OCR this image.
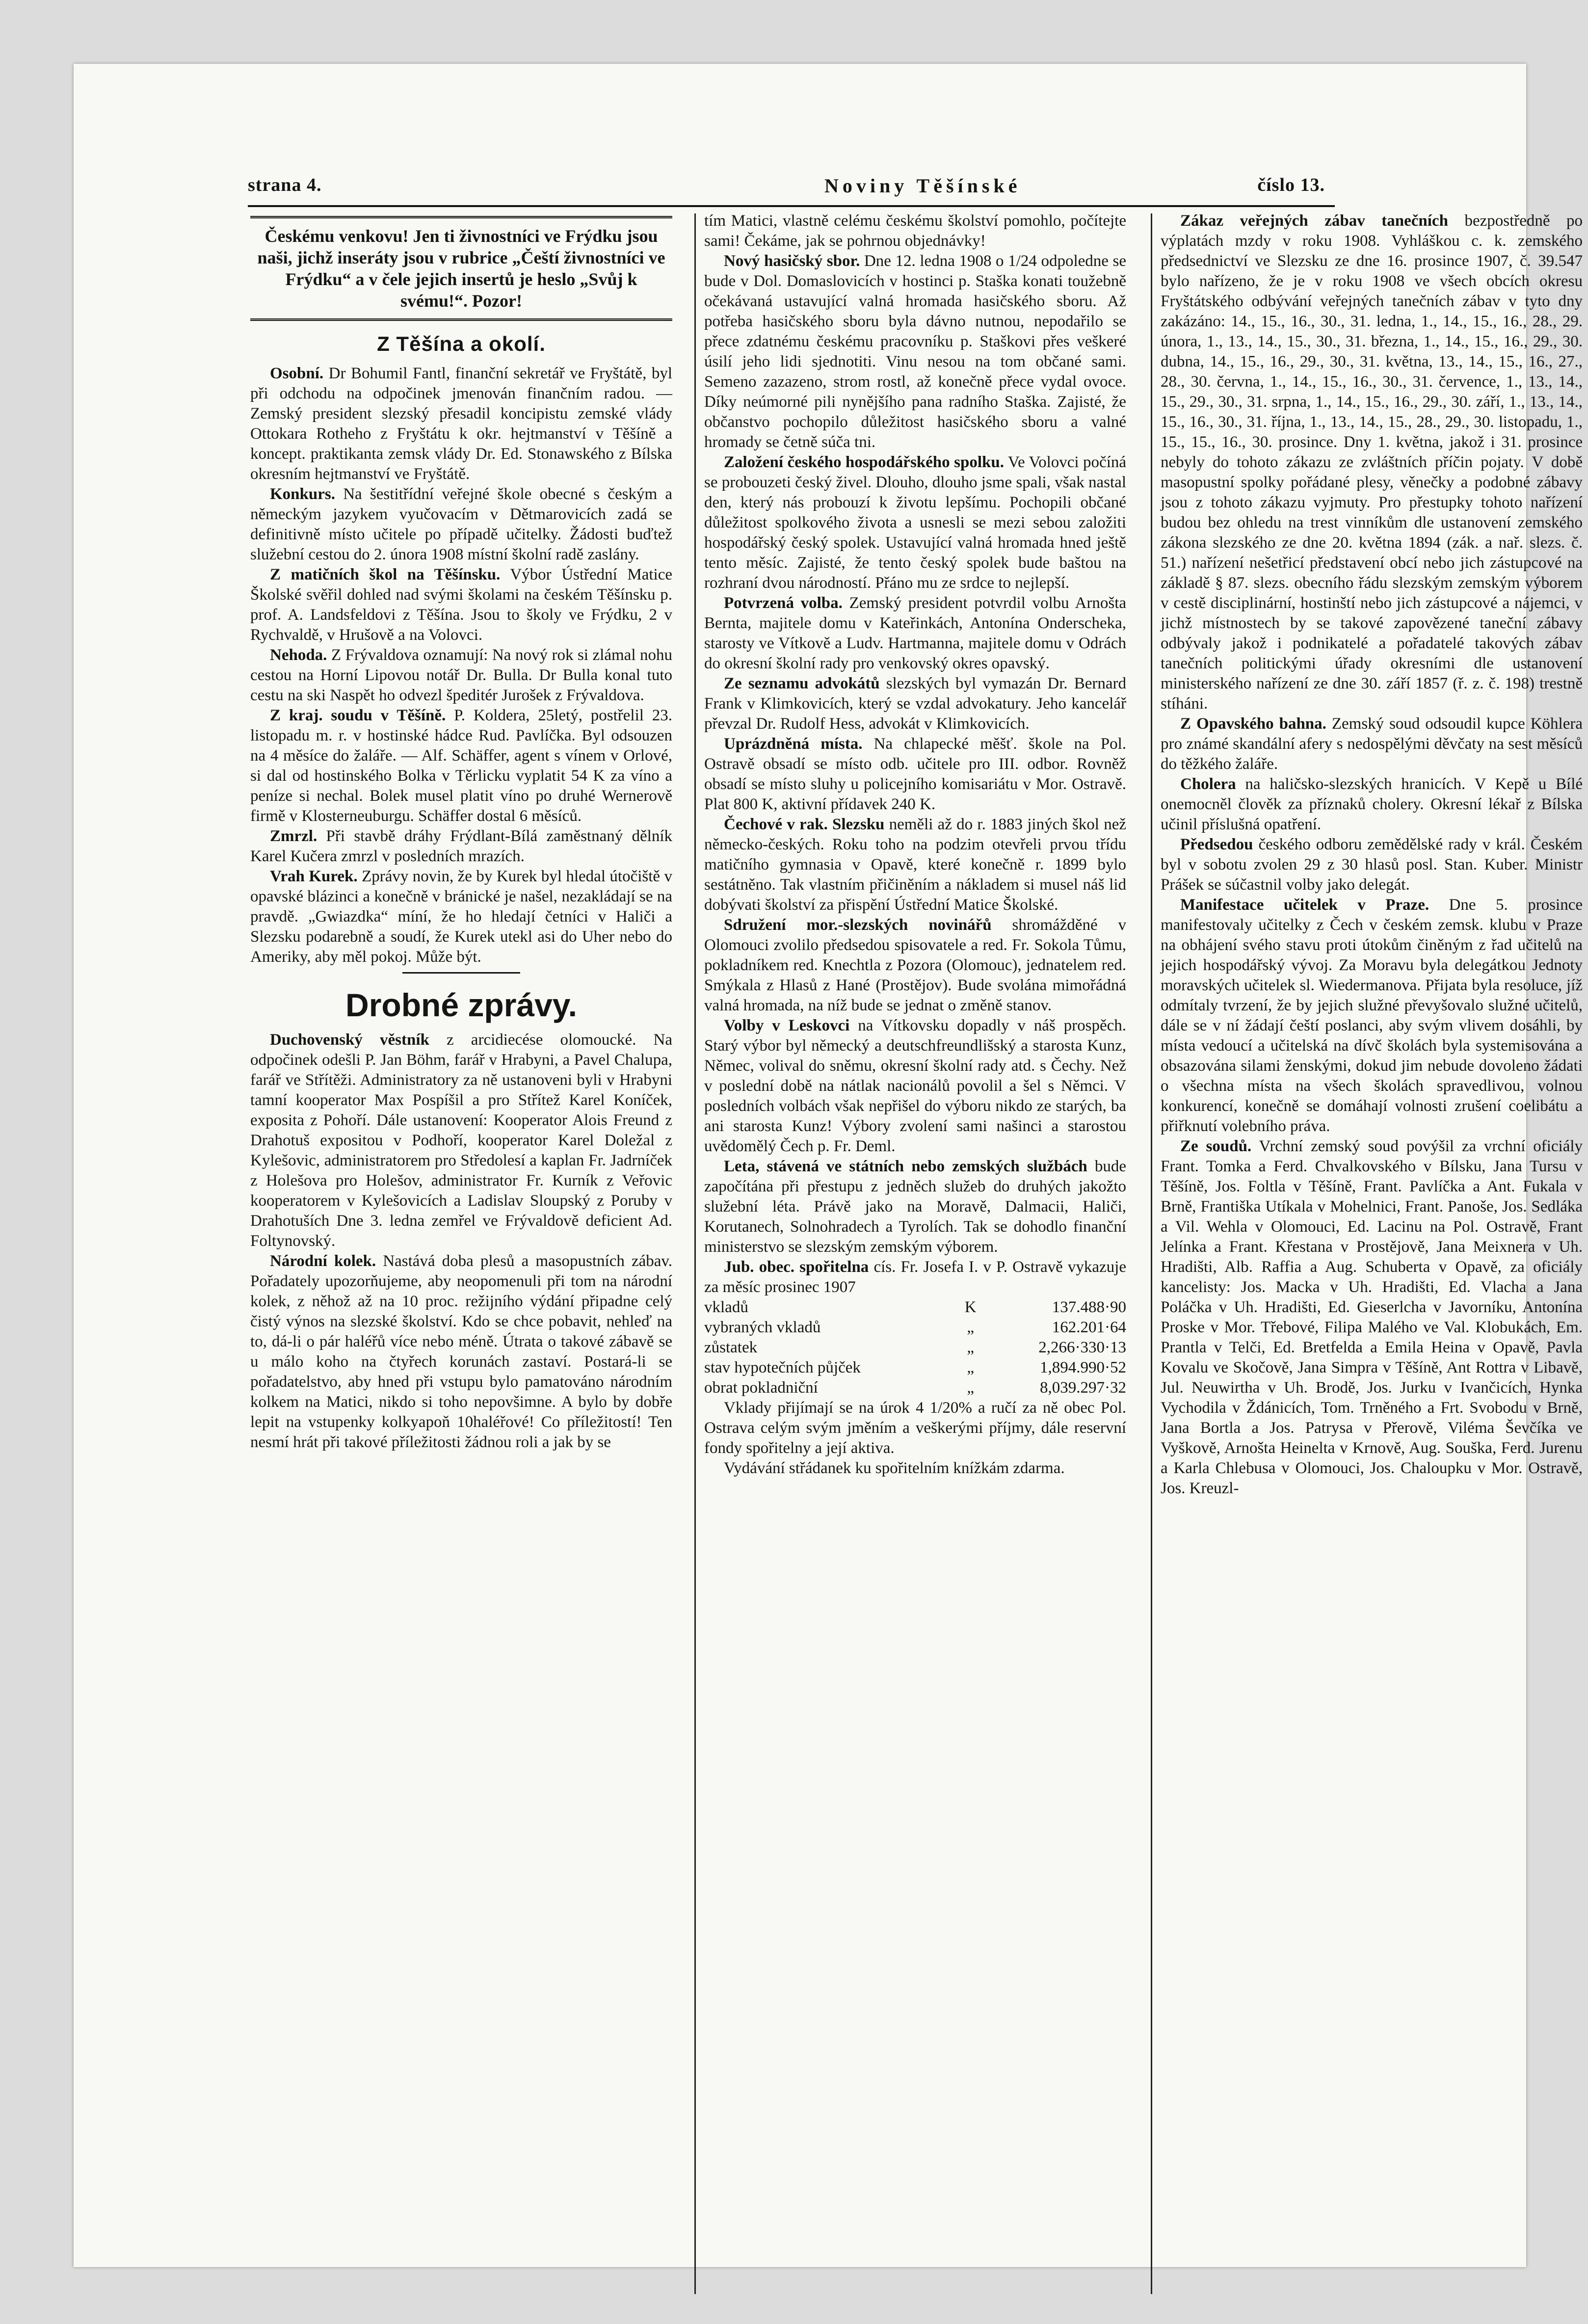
strana 4.	Noviny Těšínské	číslo 13.
Českému venkovu! Jen ti živnostníci ve Frýdku jsou naši, jichž inseráty jsou v rubrice „Čeští živnostníci ve Frýdku“ a v čele jejich insertů je heslo „Svůj k svému!“. Pozor!
Z Těšína a okolí.

Osobní. Dr Bohumil Fantl, finanční sekretář ve Fryštátě, byl při odchodu na odpočinek jmenován finančním radou. — Zemský president slezský přesadil koncipistu zemské vlády Ottokara Rotheho z Fryštátu k okr. hejtmanství v Těšíně a koncept. praktikanta zemsk vlády Dr. Ed. Stonawského z Bílska okresním hejtmanství ve Fryštátě.

Konkurs. Na šestitřídní veřejné škole obecné s českým a německým jazykem vyučovacím v Dětmarovicích zadá se definitivně místo učitele po případě učitelky. Žádosti buďtež služební cestou do 2. února 1908 místní školní radě zaslány.

Z matičních škol na Těšínsku. Výbor Ústřední Matice Školské svěřil dohled nad svými školami na českém Těšínsku p. prof. A. Landsfeldovi z Těšína. Jsou to školy ve Frýdku, 2 v Rychvaldě, v Hrušově a na Volovci.

Nehoda. Z Frývaldova oznamují: Na nový rok si zlámal nohu cestou na Horní Lipovou notář Dr. Bulla. Dr Bulla konal tuto cestu na ski Naspět ho odvezl špeditér Jurošek z Frývaldova.

Z kraj. soudu v Těšíně. P. Koldera, 25letý, postřelil 23. listopadu m. r. v hostinské hádce Rud. Pavlíčka. Byl odsouzen na 4 měsíce do žaláře. — Alf. Schäffer, agent s vínem v Orlové, si dal od hostinského Bolka v Těrlicku vyplatit 54 K za víno a peníze si nechal. Bolek musel platit víno po druhé Wernerově firmě v Klosterneuburgu. Schäffer dostal 6 měsíců.

Zmrzl. Při stavbě dráhy Frýdlant-Bílá zaměstnaný dělník Karel Kučera zmrzl v posledních mrazích.

Vrah Kurek. Zprávy novin, že by Kurek byl hledal útočiště v opavské blázinci a konečně v bránické je našel, nezakládají se na pravdě. „Gwiazdka“ míní, že ho hledají četníci v Haliči a Slezsku podarebně a soudí, že Kurek utekl asi do Uher nebo do Ameriky, aby měl pokoj. Může být.

Drobné zprávy.

Duchovenský věstník z arcidiecése olomoucké. Na odpočinek odešli P. Jan Böhm, farář v Hrabyni, a Pavel Chalupa, farář ve Střítěži. Administratory za ně ustanoveni byli v Hrabyni tamní kooperator Max Pospíšil a pro Střítež Karel Koníček, exposita z Pohoří. Dále ustanovení: Kooperator Alois Freund z Drahotuš expositou v Podhoří, kooperator Karel Doležal z Kylešovic, administratorem pro Středolesí a kaplan Fr. Jadrníček z Holešova pro Holešov, administrator Fr. Kurník z Veřovic kooperatorem v Kylešovicích a Ladislav Sloupský z Poruby v Drahotuších Dne 3. ledna zemřel ve Frývaldově deficient Ad. Foltynovský.

Národní kolek. Nastává doba plesů a masopustních zábav. Pořadately upozorňujeme, aby neopomenuli při tom na národní kolek, z něhož až na 10 proc. režijního výdání připadne celý čistý výnos na slezské školství. Kdo se chce pobavit, nehleď na to, dá-li o pár haléřů více nebo méně. Útrata o takové zábavě se u málo koho na čtyřech korunách zastaví. Postará-li se pořadatelstvo, aby hned při vstupu bylo pamatováno národním kolkem na Matici, nikdo si toho nepovšimne. A bylo by dobře lepit na vstupenky kolkyapoň 10haléřové! Co příležitostí! Ten nesmí hrát při takové příležitosti žádnou roli a jak by se

tím Matici, vlastně celému českému školství pomohlo, počítejte sami! Čekáme, jak se pohrnou objednávky!

Nový hasičský sbor. Dne 12. ledna 1908 o 1/24 odpoledne se bude v Dol. Domaslovicích v hostinci p. Staška konati toužebně očekávaná ustavující valná hromada hasičského sboru. Až potřeba hasičského sboru byla dávno nutnou, nepodařilo se přece zdatnému českému pracovníku p. Staškovi přes veškeré úsilí jeho lidi sjednotiti. Vinu nesou na tom občané sami. Semeno zazazeno, strom rostl, až konečně přece vydal ovoce. Díky neúmorné pili nynějšího pana radního Staška. Zajisté, že občanstvo pochopilo důležitost hasičského sboru a valné hromady se četně súča tni.

Založení českého hospodářského spolku. Ve Volovci počíná se probouzeti český živel. Dlouho, dlouho jsme spali, však nastal den, který nás probouzí k životu lepšímu. Pochopili občané důležitost spolkového života a usnesli se mezi sebou založiti hospodářský český spolek. Ustavující valná hromada hned ještě tento měsíc. Zajisté, že tento český spolek bude baštou na rozhraní dvou národností. Přáno mu ze srdce to nejlepší.

Potvrzená volba. Zemský president potvrdil volbu Arnošta Bernta, majitele domu v Kateřinkách, Antonína Onderscheka, starosty ve Vítkově a Ludv. Hartmanna, majitele domu v Odrách do okresní školní rady pro venkovský okres opavský.

Ze seznamu advokátů slezských byl vymazán Dr. Bernard Frank v Klimkovicích, který se vzdal advokatury. Jeho kancelář převzal Dr. Rudolf Hess, advokát v Klimkovicích.

Uprázdněná místa. Na chlapecké měšť. škole na Pol. Ostravě obsadí se místo odb. učitele pro III. odbor. Rovněž obsadí se místo sluhy u policejního komisariátu v Mor. Ostravě. Plat 800 K, aktivní přídavek 240 K.

Čechové v rak. Slezsku neměli až do r. 1883 jiných škol než německo-českých. Roku toho na podzim otevřeli prvou třídu matičního gymnasia v Opavě, které konečně r. 1899 bylo sestátněno. Tak vlastním přičiněním a nákladem si musel náš lid dobývati školství za přispění Ústřední Matice Školské.

Sdružení mor.-slezských novinářů shromážděné v Olomouci zvolilo předsedou spisovatele a red. Fr. Sokola Tůmu, pokladníkem red. Knechtla z Pozora (Olomouc), jednatelem red. Smýkala z Hlasů z Hané (Prostějov). Bude svolána mimořádná valná hromada, na níž bude se jednat o změně stanov.

Volby v Leskovci na Vítkovsku dopadly v náš prospěch. Starý výbor byl německý a deutschfreundlišský a starosta Kunz, Němec, volival do sněmu, okresní školní rady atd. s Čechy. Než v poslední době na nátlak nacionálů povolil a šel s Němci. V posledních volbách však nepřišel do výboru nikdo ze starých, ba ani starosta Kunz! Výbory zvolení sami našinci a starostou uvědomělý Čech p. Fr. Deml.

Leta, stávená ve státních nebo zemských službách bude započítána při přestupu z jedněch služeb do druhých jakožto služební léta. Právě jako na Moravě, Dalmacii, Haliči, Korutanech, Solnohradech a Tyrolích. Tak se dohodlo finanční ministerstvo se slezským zemským výborem.

Jub. obec. spořitelna cís. Fr. Josefa I. v P. Ostravě vykazuje za měsíc prosinec 1907

vkladů	K	137.488·90
vybraných vkladů	„	162.201·64
zůstatek	„	2,266·330·13
stav hypotečních půjček	„	1,894.990·52
obrat pokladniční	„	8,039.297·32

Vklady přijímají se na úrok 4 1/20% a ručí za ně obec Pol. Ostrava celým svým jměním a veškerými příjmy, dále reservní fondy spořitelny a její aktiva.

Vydávání střádanek ku spořitelním knížkám zdarma.

Zákaz veřejných zábav tanečních bezpostředně po výplatách mzdy v roku 1908. Vyhláškou c. k. zemského předsednictví ve Slezsku ze dne 16. prosince 1907, č. 39.547 bylo nařízeno, že je v roku 1908 ve všech obcích okresu Fryštátského odbývání veřejných tanečních zábav v tyto dny zakázáno: 14., 15., 16., 30., 31. ledna, 1., 14., 15., 16., 28., 29. února, 1., 13., 14., 15., 30., 31. března, 1., 14., 15., 16., 29., 30. dubna, 14., 15., 16., 29., 30., 31. května, 13., 14., 15., 16., 27., 28., 30. června, 1., 14., 15., 16., 30., 31. července, 1., 13., 14., 15., 29., 30., 31. srpna, 1., 14., 15., 16., 29., 30. září, 1., 13., 14., 15., 16., 30., 31. října, 1., 13., 14., 15., 28., 29., 30. listopadu, 1., 15., 15., 16., 30. prosince. Dny 1. května, jakož i 31. prosince nebyly do tohoto zákazu ze zvláštních příčin pojaty. V době masopustní spolky pořádané plesy, věnečky a podobné zábavy jsou z tohoto zákazu vyjmuty. Pro přestupky tohoto nařízení budou bez ohledu na trest vinníkům dle ustanovení zemského zákona slezského ze dne 20. května 1894 (zák. a nař. slezs. č. 51.) nařízení nešetřicí představení obcí nebo jich zástupcové na základě § 87. slezs. obecního řádu slezským zemským výborem v cestě disciplinární, hostinští nebo jich zástupcové a nájemci, v jichž místnostech by se takové zapovězené taneční zábavy odbývaly jakož i podnikatelé a pořadatelé takových zábav tanečních politickými úřady okresními dle ustanovení ministerského nařízení ze dne 30. září 1857 (ř. z. č. 198) trestně stíháni.

Z Opavského bahna. Zemský soud odsoudil kupce Köhlera pro známé skandální afery s nedospělými děvčaty na sest měsíců do těžkého žaláře.

Cholera na haličsko-slezských hranicích. V Kepě u Bílé onemocněl člověk za příznaků cholery. Okresní lékař z Bílska učinil příslušná opatření.

Předsedou českého odboru zemědělské rady v král. Českém byl v sobotu zvolen 29 z 30 hlasů posl. Stan. Kuber. Ministr Prášek se súčastnil volby jako delegát.

Manifestace učitelek v Praze. Dne 5. prosince manifestovaly učitelky z Čech v českém zemsk. klubu v Praze na obhájení svého stavu proti útokům činěným z řad učitelů na jejich hospodářský vývoj. Za Moravu byla delegátkou Jednoty moravských učitelek sl. Wiedermanova. Přijata byla resoluce, jíž odmítaly tvrzení, že by jejich služné převyšovalo služné učitelů, dále se v ní žádají čeští poslanci, aby svým vlivem dosáhli, by místa vedoucí a učitelská na dívč školách byla systemisována a obsazována silami ženskými, dokud jim nebude dovoleno žádati o všechna místa na všech školách spravedlivou, volnou konkurencí, konečně se domáhají volnosti zrušení coelibátu a přiřknutí volebního práva.

Ze soudů. Vrchní zemský soud povýšil za vrchní oficiály Frant. Tomka a Ferd. Chvalkovského v Bílsku, Jana Tursu v Těšíně, Jos. Foltla v Těšíně, Frant. Pavlíčka a Ant. Fukala v Brně, Františka Utíkala v Mohelnici, Frant. Panoše, Jos. Sedláka a Vil. Wehla v Olomouci, Ed. Lacinu na Pol. Ostravě, Frant Jelínka a Frant. Křestana v Prostějově, Jana Meixnera v Uh. Hradišti, Alb. Raffia a Aug. Schuberta v Opavě, za oficiály kancelisty: Jos. Macka v Uh. Hradišti, Ed. Vlacha a Jana Poláčka v Uh. Hradišti, Ed. Gieserlcha v Javorníku, Antonína Proske v Mor. Třebové, Filipa Malého ve Val. Klobukách, Em. Prantla v Telči, Ed. Bretfelda a Emila Heina v Opavě, Pavla Kovalu ve Skočově, Jana Simpra v Těšíně, Ant Rottra v Libavě, Jul. Neuwirtha v Uh. Brodě, Jos. Jurku v Ivančicích, Hynka Vychodila v Ždánicích, Tom. Trněného a Frt. Svobodu v Brně, Jana Bortla a Jos. Patrysa v Přerově, Viléma Ševčíka ve Vyškově, Arnošta Heinelta v Krnově, Aug. Souška, Ferd. Jurenu a Karla Chlebusa v Olomouci, Jos. Chaloupku v Mor. Ostravě, Jos. Kreuzl-
